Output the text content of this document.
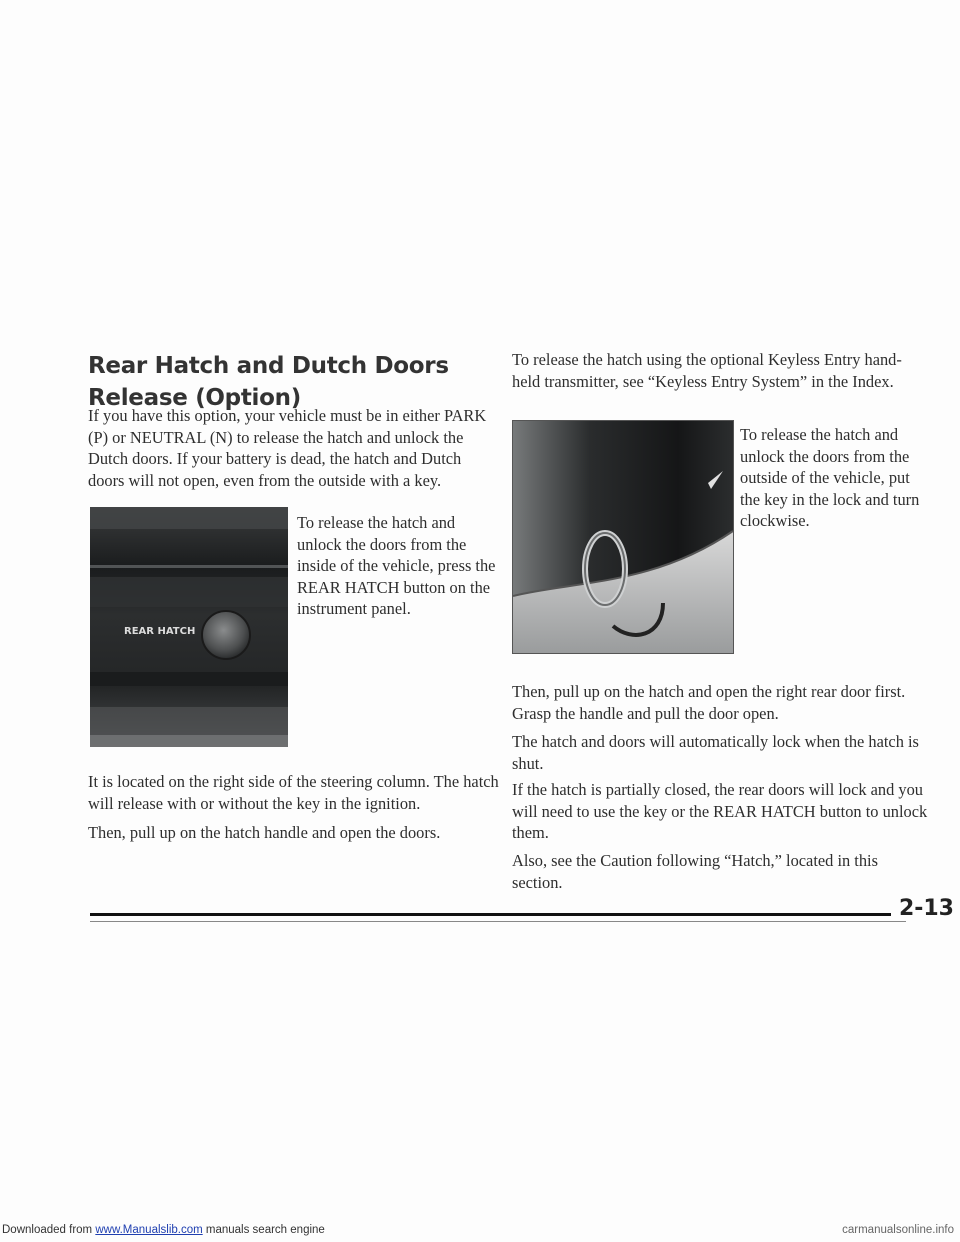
Rear Hatch and Dutch Doors Release (Option)

If you have this option, your vehicle must be in either PARK (P) or NEUTRAL (N) to release the hatch and unlock the Dutch doors. If your battery is dead, the hatch and Dutch doors will not open, even from the outside with a key.

REAR HATCH

To release the hatch and unlock the doors from the inside of the vehicle, press the REAR HATCH button on the instrument panel.

It is located on the right side of the steering column. The hatch will release with or without the key in the ignition.

Then, pull up on the hatch handle and open the doors.

To release the hatch using the optional Keyless Entry hand-held transmitter, see “Keyless Entry System” in the Index.

To release the hatch and unlock the doors from the outside of the vehicle, put the key in the lock and turn clockwise.

Then, pull up on the hatch and open the right rear door first. Grasp the handle and pull the door open.

The hatch and doors will automatically lock when the hatch is shut.

If the hatch is partially closed, the rear doors will lock and you will need to use the key or the REAR HATCH button to unlock them.

Also, see the Caution following “Hatch,” located in this section.

2-13

Downloaded from www.Manualslib.com manuals search engine	carmanualsonline.info
